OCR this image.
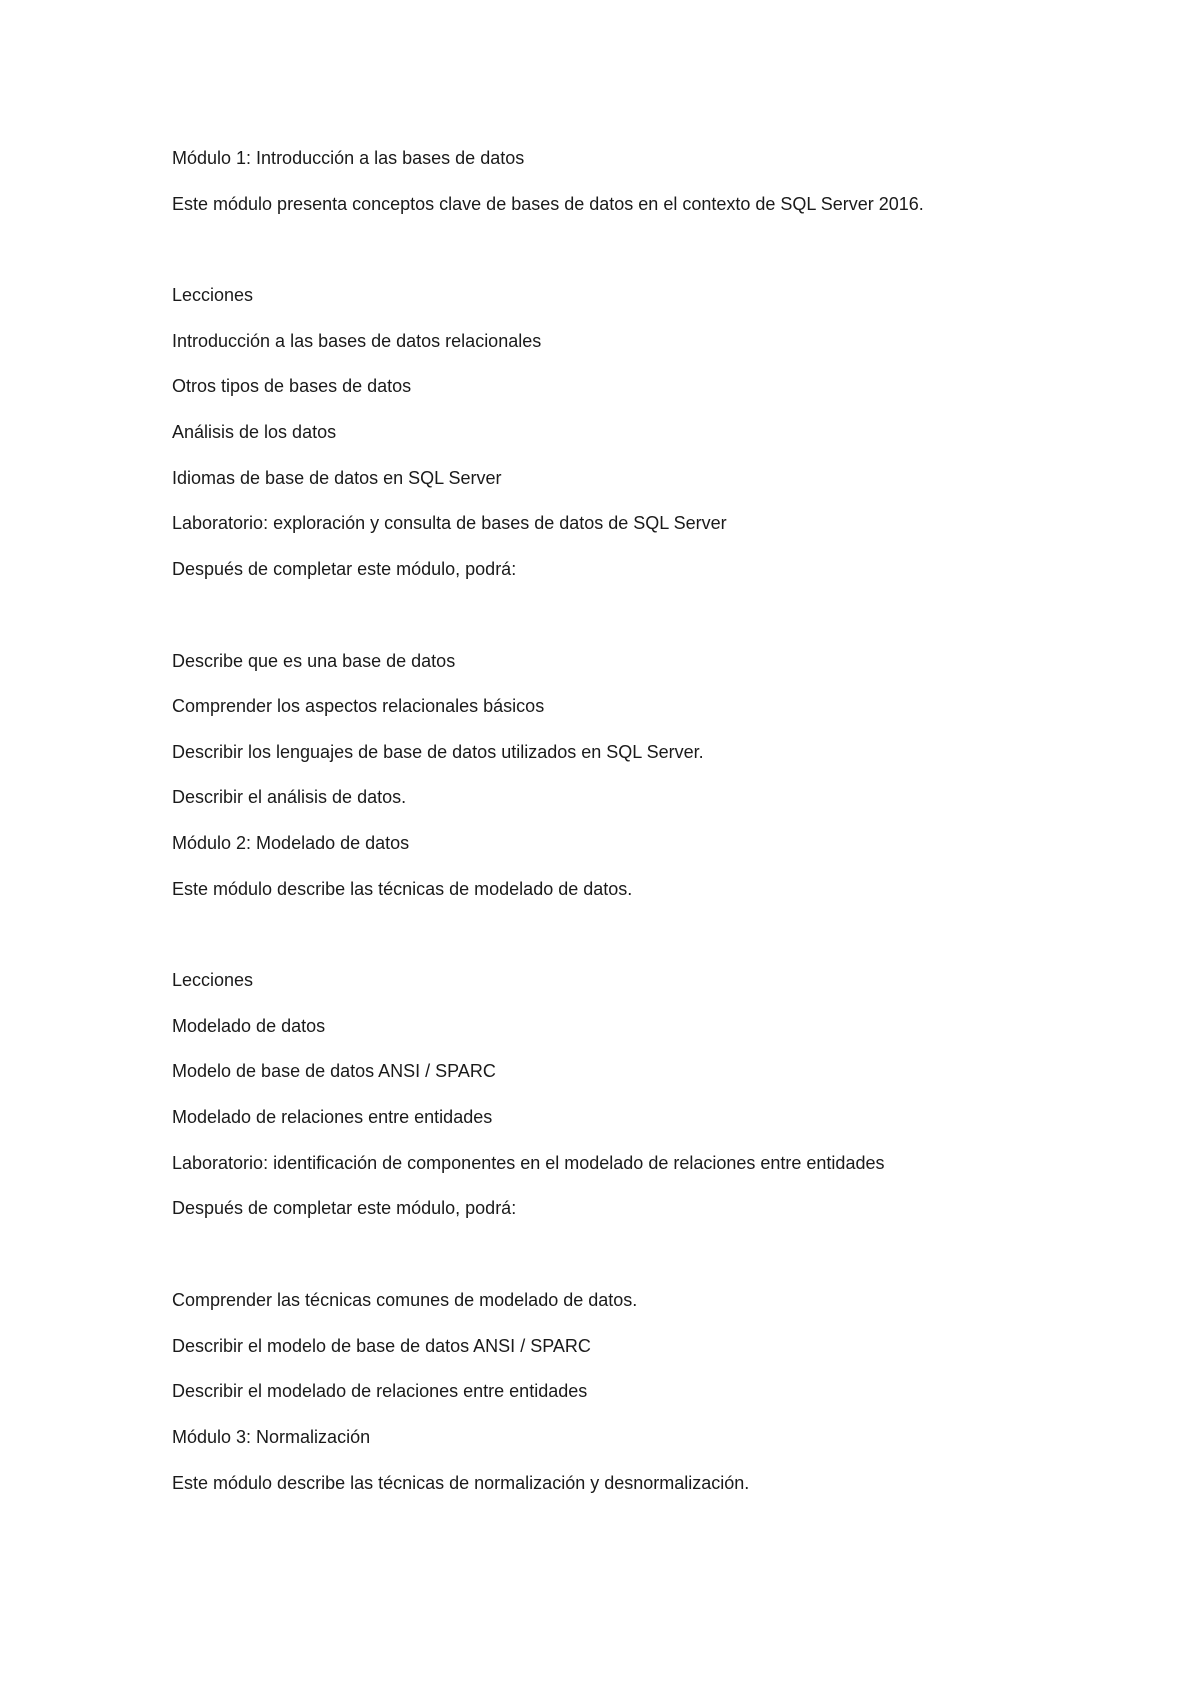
Módulo 1: Introducción a las bases de datos

Este módulo presenta conceptos clave de bases de datos en el contexto de SQL Server 2016.

Lecciones

Introducción a las bases de datos relacionales

Otros tipos de bases de datos

Análisis de los datos

Idiomas de base de datos en SQL Server

Laboratorio: exploración y consulta de bases de datos de SQL Server

Después de completar este módulo, podrá:

Describe que es una base de datos

Comprender los aspectos relacionales básicos

Describir los lenguajes de base de datos utilizados en SQL Server.

Describir el análisis de datos.

Módulo 2: Modelado de datos

Este módulo describe las técnicas de modelado de datos.

Lecciones

Modelado de datos

Modelo de base de datos ANSI / SPARC

Modelado de relaciones entre entidades

Laboratorio: identificación de componentes en el modelado de relaciones entre entidades

Después de completar este módulo, podrá:

Comprender las técnicas comunes de modelado de datos.

Describir el modelo de base de datos ANSI / SPARC

Describir el modelado de relaciones entre entidades

Módulo 3: Normalización

Este módulo describe las técnicas de normalización y desnormalización.
